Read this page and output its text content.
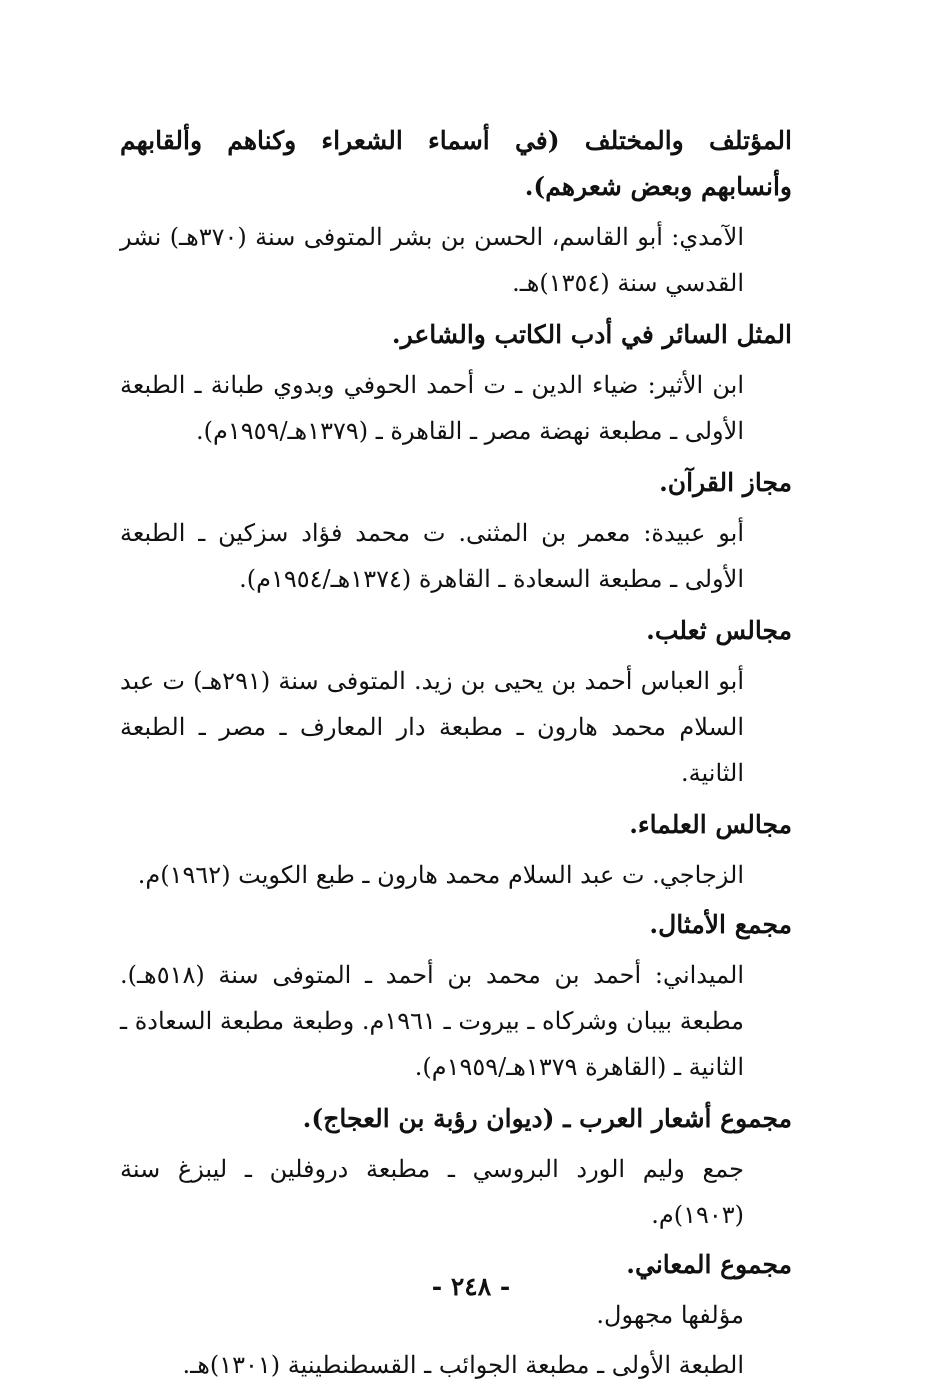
المؤتلف والمختلف (في أسماء الشعراء وكناهم وألقابهم وأنسابهم وبعض شعرهم).

الآمدي: أبو القاسم، الحسن بن بشر المتوفى سنة (٣٧٠هـ) نشر القدسي سنة (١٣٥٤)هـ.

المثل السائر في أدب الكاتب والشاعر.

ابن الأثير: ضياء الدين ـ ت أحمد الحوفي وبدوي طبانة ـ الطبعة الأولى ـ مطبعة نهضة مصر ـ القاهرة ـ (١٣٧٩هـ/١٩٥٩م).

مجاز القرآن.

أبو عبيدة: معمر بن المثنى. ت محمد فؤاد سزكين ـ الطبعة الأولى ـ مطبعة السعادة ـ القاهرة (١٣٧٤هـ/١٩٥٤م).

مجالس ثعلب.

أبو العباس أحمد بن يحيى بن زيد. المتوفى سنة (٢٩١هـ) ت عبد السلام محمد هارون ـ مطبعة دار المعارف ـ مصر ـ الطبعة الثانية.

مجالس العلماء.

الزجاجي. ت عبد السلام محمد هارون ـ طبع الكويت (١٩٦٢)م.

مجمع الأمثال.

الميداني: أحمد بن محمد بن أحمد ـ المتوفى سنة (٥١٨هـ). مطبعة بيبان وشركاه ـ بيروت ـ ١٩٦١م. وطبعة مطبعة السعادة ـ الثانية ـ (القاهرة ١٣٧٩هـ/١٩٥٩م).

مجموع أشعار العرب ـ (ديوان رؤبة بن العجاج).

جمع وليم الورد البروسي ـ مطبعة دروفلين ـ ليبزغ سنة (١٩٠٣)م.

مجموع المعاني.

مؤلفها مجهول.

الطبعة الأولى ـ مطبعة الجوائب ـ القسطنطينية (١٣٠١)هـ.

- ٢٤٨ -
